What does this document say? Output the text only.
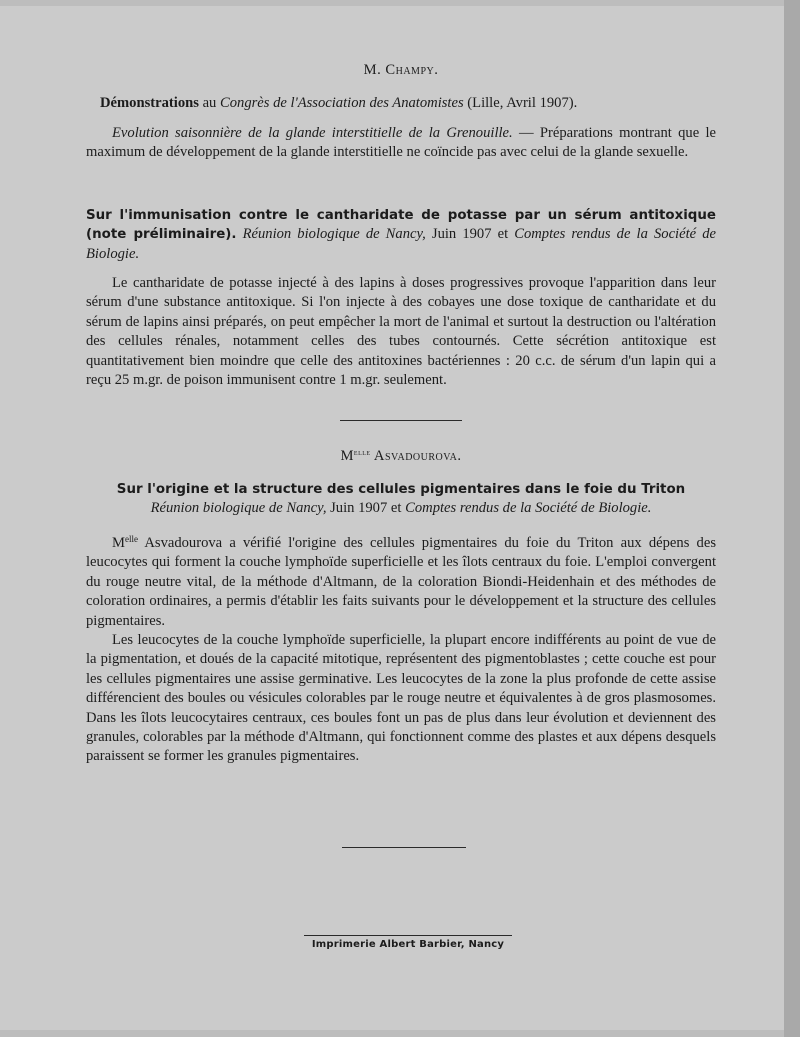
M. Champy.

Démonstrations au Congrès de l'Association des Anatomistes (Lille, Avril 1907).

Evolution saisonnière de la glande interstitielle de la Grenouille. — Préparations montrant que le maximum de développement de la glande interstitielle ne coïncide pas avec celui de la glande sexuelle.

Sur l'immunisation contre le cantharidate de potasse par un sérum antitoxique (note préliminaire). Réunion biologique de Nancy, Juin 1907 et Comptes rendus de la Société de Biologie.

Le cantharidate de potasse injecté à des lapins à doses progressives provoque l'apparition dans leur sérum d'une substance antitoxique. Si l'on injecte à des cobayes une dose toxique de cantharidate et du sérum de lapins ainsi préparés, on peut empêcher la mort de l'animal et surtout la destruction ou l'altération des cellules rénales, notamment celles des tubes contournés. Cette sécrétion antitoxique est quantitativement bien moindre que celle des antitoxines bactériennes : 20 c.c. de sérum d'un lapin qui a reçu 25 m.gr. de poison immunisent contre 1 m.gr. seulement.

$M^{elle}$ Asvadourova.

Sur l'origine et la structure des cellules pigmentaires dans le foie du Triton
Réunion biologique de Nancy, Juin 1907 et Comptes rendus de la Société de Biologie.

$M^{elle}$ Asvadourova a vérifié l'origine des cellules pigmentaires du foie du Triton aux dépens des leucocytes qui forment la couche lymphoïde superficielle et les îlots centraux du foie. L'emploi convergent du rouge neutre vital, de la méthode d'Altmann, de la coloration Biondi-Heidenhain et des méthodes de coloration ordinaires, a permis d'établir les faits suivants pour le développement et la structure des cellules pigmentaires.

Les leucocytes de la couche lymphoïde superficielle, la plupart encore indifférents au point de vue de la pigmentation, et doués de la capacité mitotique, représentent des pigmentoblastes ; cette couche est pour les cellules pigmentaires une assise germinative. Les leucocytes de la zone la plus profonde de cette assise différencient des boules ou vésicules colorables par le rouge neutre et équivalentes à de gros plasmosomes. Dans les îlots leucocytaires centraux, ces boules font un pas de plus dans leur évolution et deviennent des granules, colorables par la méthode d'Altmann, qui fonctionnent comme des plastes et aux dépens desquels paraissent se former les granules pigmentaires.

Imprimerie Albert Barbier, Nancy
